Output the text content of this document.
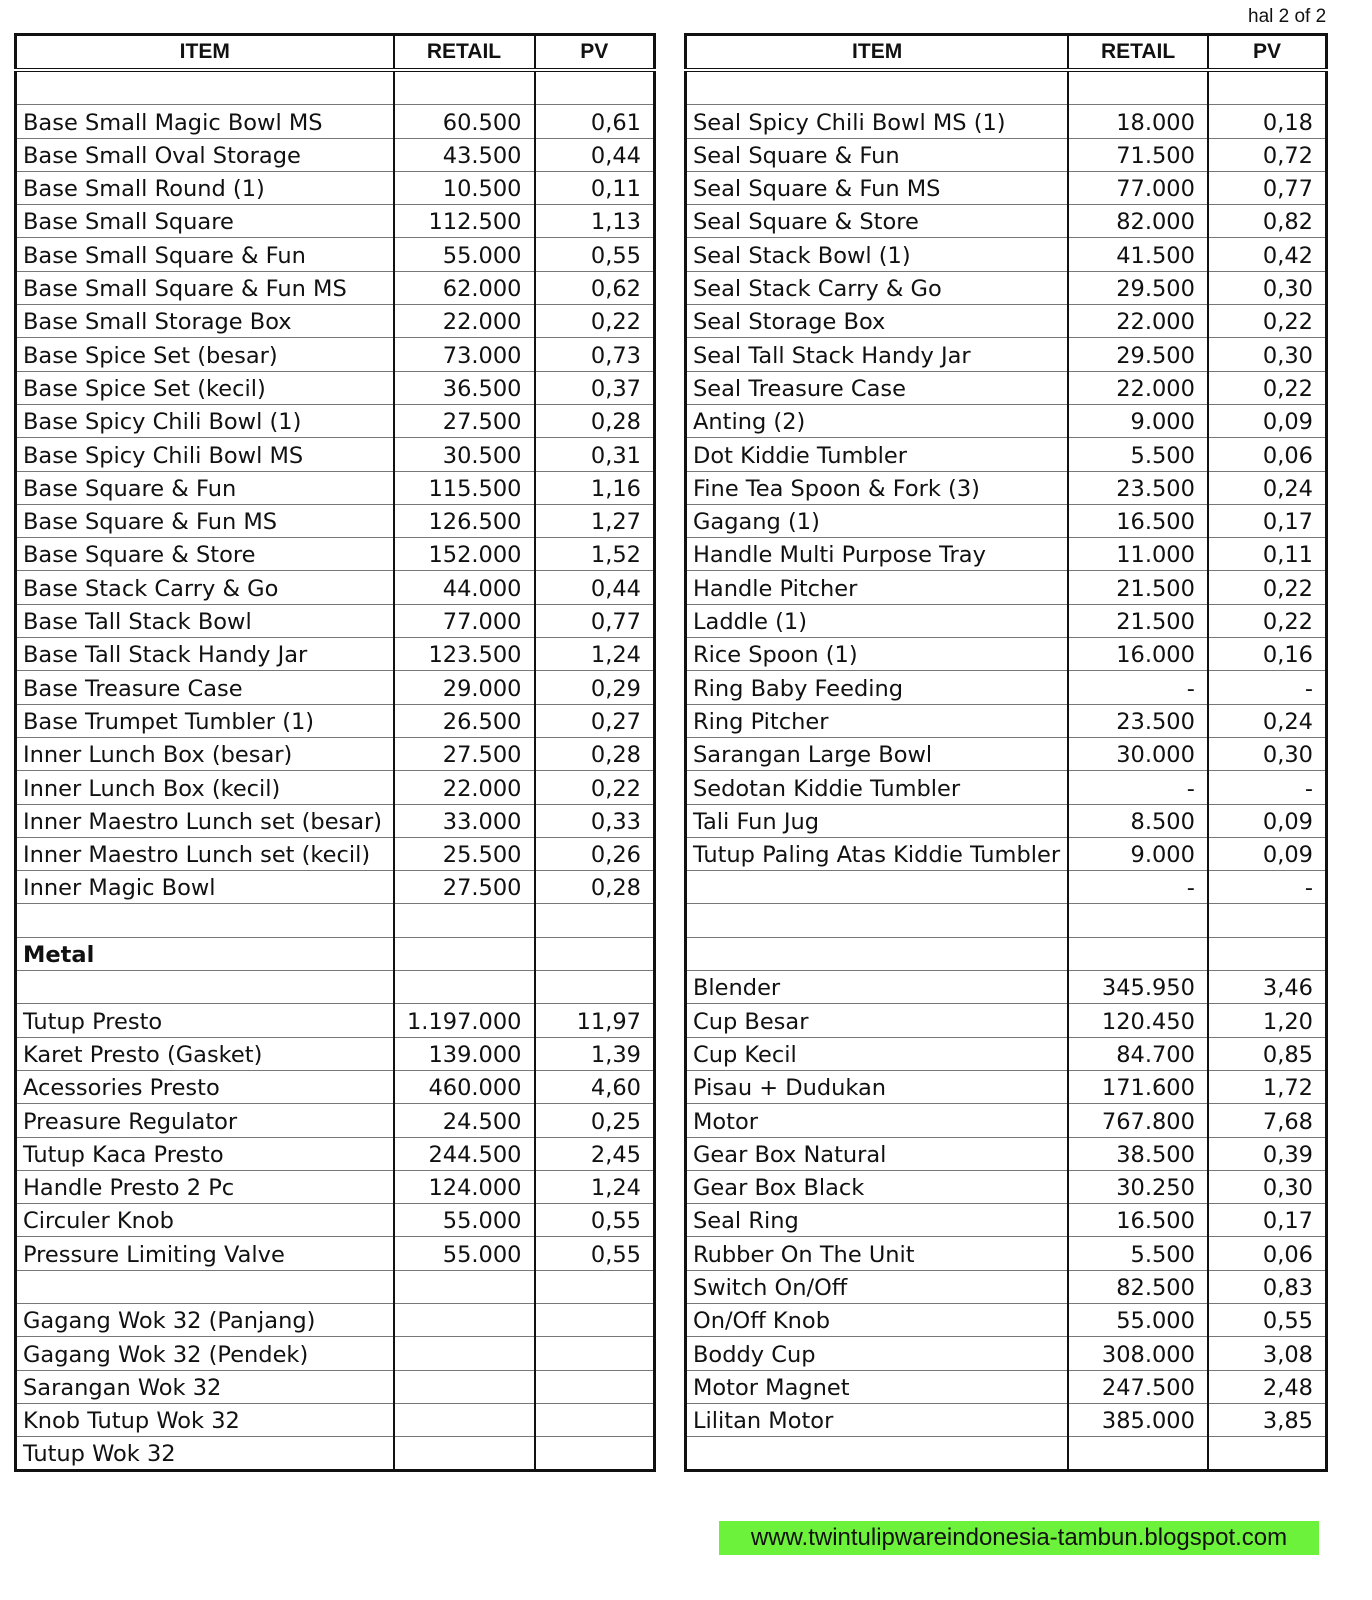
hal 2 of 2
ITEM	RETAIL	PV

Base Small Magic Bowl MS	60.500	0,61
Base Small Oval Storage	43.500	0,44
Base Small Round (1)	10.500	0,11
Base Small Square	112.500	1,13
Base Small Square & Fun	55.000	0,55
Base Small Square & Fun MS	62.000	0,62
Base Small Storage Box	22.000	0,22
Base Spice Set (besar)	73.000	0,73
Base Spice Set (kecil)	36.500	0,37
Base Spicy Chili Bowl (1)	27.500	0,28
Base Spicy Chili Bowl MS	30.500	0,31
Base Square & Fun	115.500	1,16
Base Square & Fun MS	126.500	1,27
Base Square & Store	152.000	1,52
Base Stack Carry & Go	44.000	0,44
Base Tall Stack Bowl	77.000	0,77
Base Tall Stack Handy Jar	123.500	1,24
Base Treasure Case	29.000	0,29
Base Trumpet Tumbler (1)	26.500	0,27
Inner Lunch Box (besar)	27.500	0,28
Inner Lunch Box (kecil)	22.000	0,22
Inner Maestro Lunch set (besar)	33.000	0,33
Inner Maestro Lunch set (kecil)	25.500	0,26
Inner Magic Bowl	27.500	0,28

Metal		

Tutup Presto	1.197.000	11,97
Karet Presto (Gasket)	139.000	1,39
Acessories Presto	460.000	4,60
Preasure Regulator	24.500	0,25
Tutup Kaca Presto	244.500	2,45
Handle Presto 2 Pc	124.000	1,24
Circuler Knob	55.000	0,55
Pressure Limiting Valve	55.000	0,55

Gagang Wok 32 (Panjang)		
Gagang Wok 32 (Pendek)		
Sarangan Wok 32		
Knob Tutup Wok 32		
Tutup Wok 32		
ITEM	RETAIL	PV

Seal Spicy Chili Bowl MS (1)	18.000	0,18
Seal Square & Fun	71.500	0,72
Seal Square & Fun MS	77.000	0,77
Seal Square & Store	82.000	0,82
Seal Stack Bowl (1)	41.500	0,42
Seal Stack Carry & Go	29.500	0,30
Seal Storage Box	22.000	0,22
Seal Tall Stack Handy Jar	29.500	0,30
Seal Treasure Case	22.000	0,22
Anting (2)	9.000	0,09
Dot Kiddie Tumbler	5.500	0,06
Fine Tea Spoon & Fork (3)	23.500	0,24
Gagang (1)	16.500	0,17
Handle Multi Purpose Tray	11.000	0,11
Handle Pitcher	21.500	0,22
Laddle (1)	21.500	0,22
Rice Spoon (1)	16.000	0,16
Ring Baby Feeding	-	-
Ring Pitcher	23.500	0,24
Sarangan Large Bowl	30.000	0,30
Sedotan Kiddie Tumbler	-	-
Tali Fun Jug	8.500	0,09
Tutup Paling Atas Kiddie Tumbler	9.000	0,09
	-	-

Blender	345.950	3,46
Cup Besar	120.450	1,20
Cup Kecil	84.700	0,85
Pisau + Dudukan	171.600	1,72
Motor	767.800	7,68
Gear Box Natural	38.500	0,39
Gear Box Black	30.250	0,30
Seal Ring	16.500	0,17
Rubber On The Unit	5.500	0,06
Switch On/Off	82.500	0,83
On/Off Knob	55.000	0,55
Boddy Cup	308.000	3,08
Motor Magnet	247.500	2,48
Lilitan Motor	385.000	3,85

www.twintulipwareindonesia-tambun.blogspot.com
